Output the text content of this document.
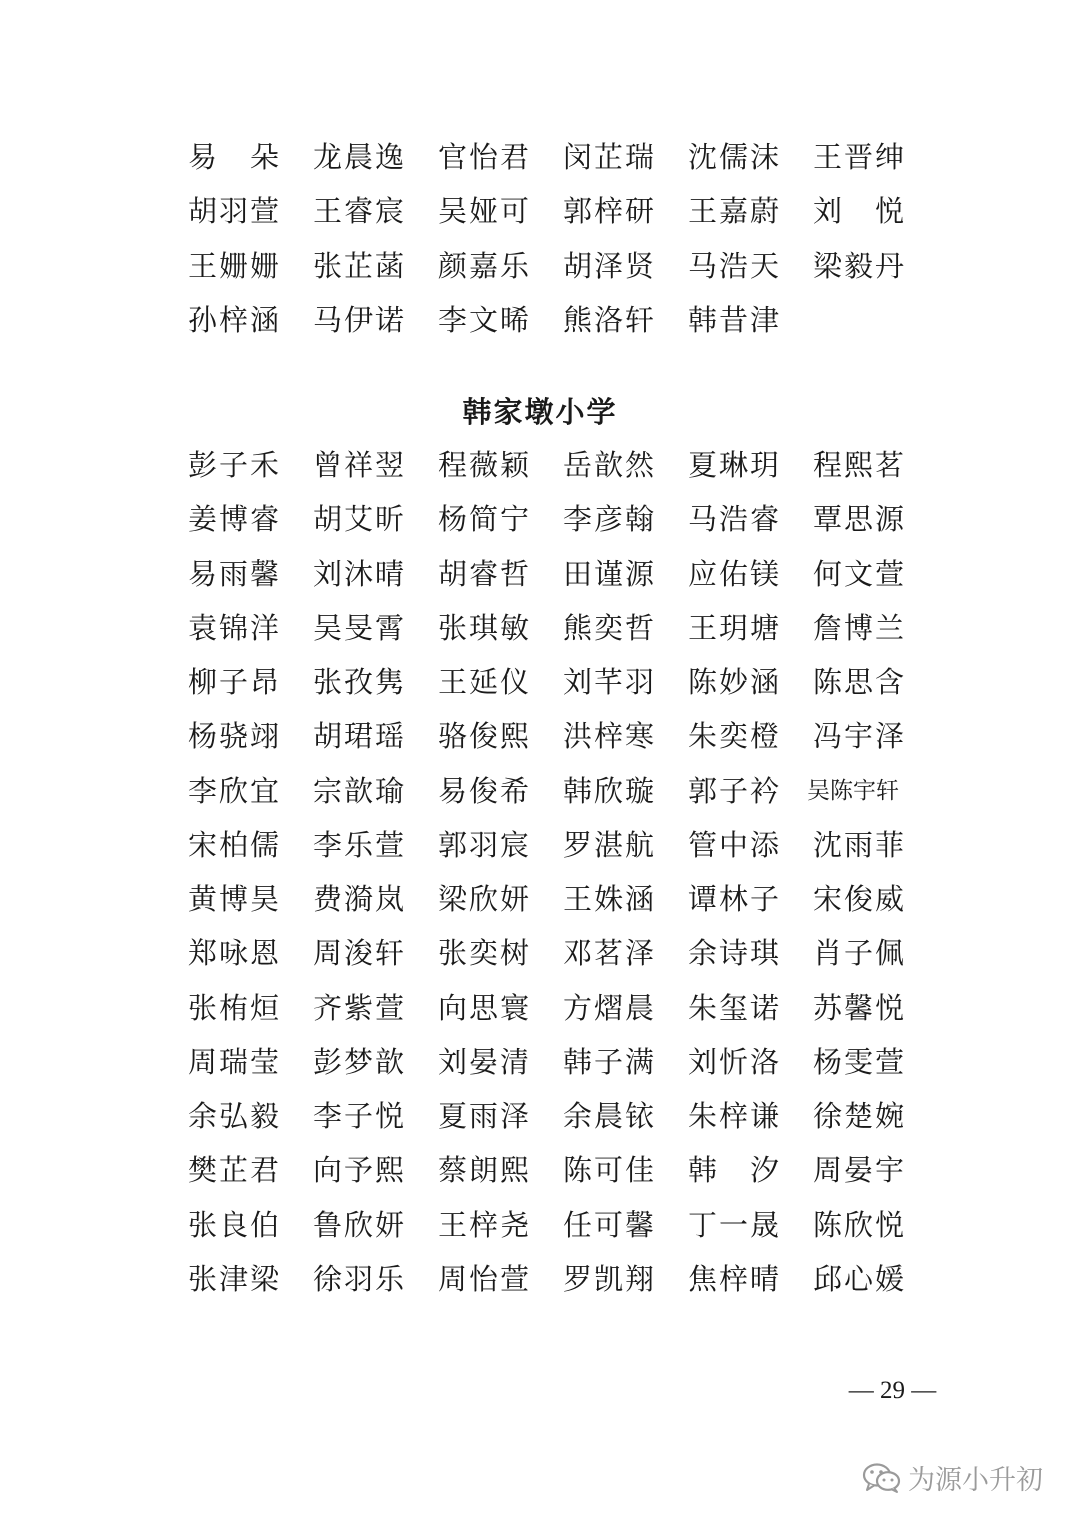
易　朵	龙晨逸	官怡君	闵芷瑞	沈儒沫	王晋绅
胡羽萱	王睿宸	吴娅可	郭梓研	王嘉蔚	刘　悦
王姗姗	张芷菡	颜嘉乐	胡泽贤	马浩天	梁毅丹
孙梓涵	马伊诺	李文晞	熊洛轩	韩昔津
韩家墩小学
彭子禾	曾祥翌	程薇颖	岳歆然	夏琳玥	程熙茗
姜博睿	胡艾昕	杨简宁	李彦翰	马浩睿	覃思源
易雨馨	刘沐晴	胡睿哲	田谨源	应佑镁	何文萱
袁锦洋	吴旻霄	张琪敏	熊奕哲	王玥塘	詹博兰
柳子昂	张孜隽	王延仪	刘芊羽	陈妙涵	陈思含
杨骁翊	胡珺瑶	骆俊熙	洪梓寒	朱奕橙	冯宇泽
李欣宜	宗歆瑜	易俊希	韩欣璇	郭子衿	吴陈宇轩
宋柏儒	李乐萱	郭羽宸	罗湛航	管中添	沈雨菲
黄博昊	费漪岚	梁欣妍	王姝涵	谭林子	宋俊威
郑咏恩	周浚轩	张奕树	邓茗泽	余诗琪	肖子佩
张栯烜	齐紫萱	向思寰	方熠晨	朱玺诺	苏馨悦
周瑞莹	彭梦歆	刘晏清	韩子满	刘忻洛	杨雯萱
余弘毅	李子悦	夏雨泽	余晨铱	朱梓谦	徐楚婉
樊芷君	向予熙	蔡朗熙	陈可佳	韩　汐	周晏宇
张良伯	鲁欣妍	王梓尧	任可馨	丁一晟	陈欣悦
张津梁	徐羽乐	周怡萱	罗凯翔	焦梓晴	邱心媛
— 29 —
为源小升初
